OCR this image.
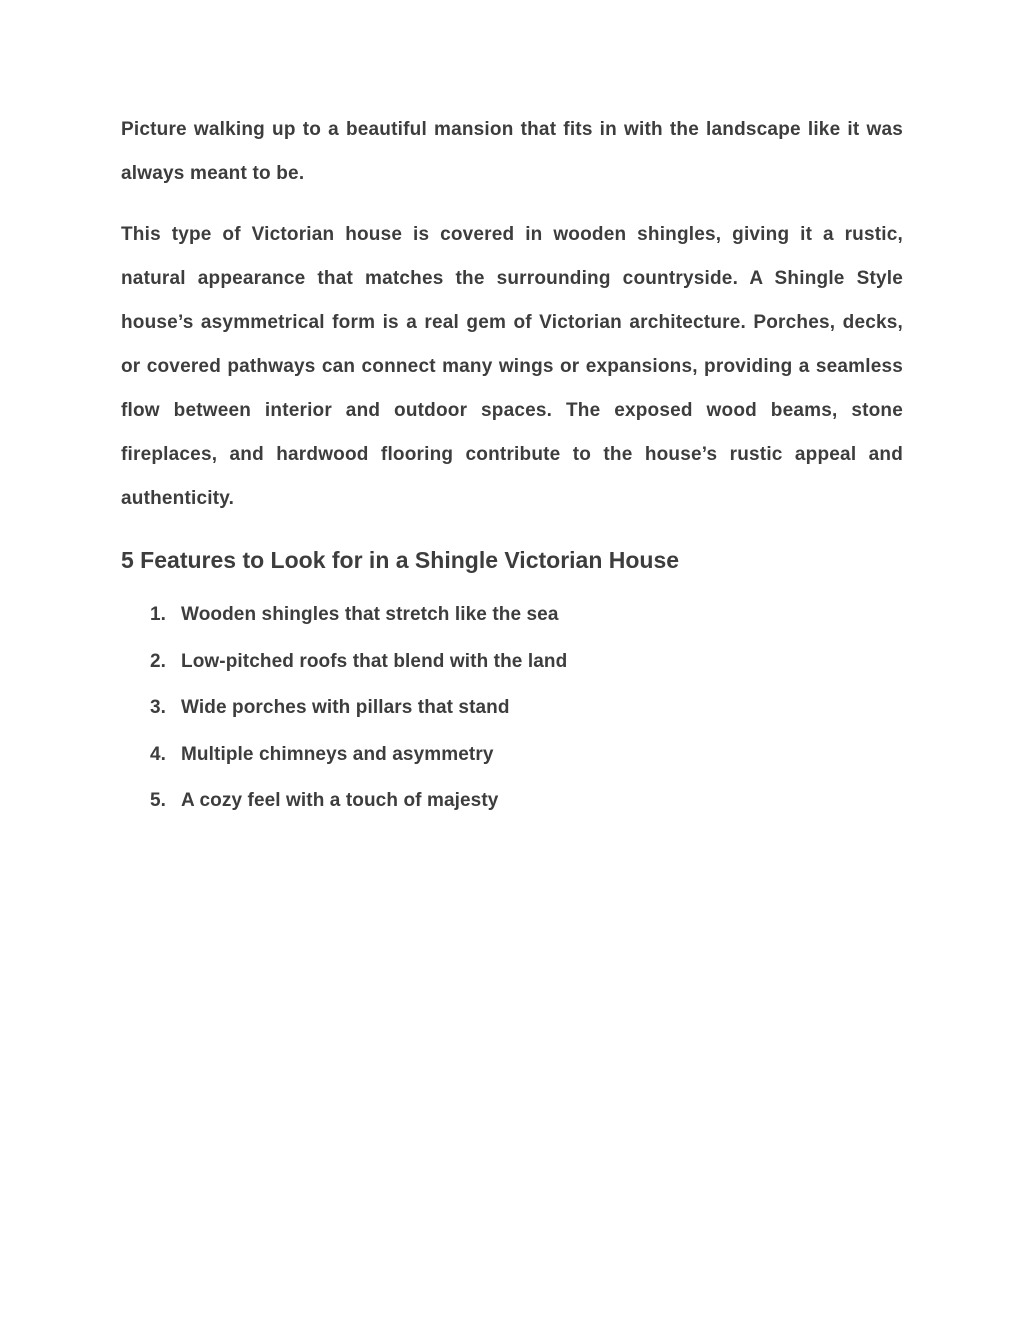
Picture walking up to a beautiful mansion that fits in with the landscape like it was always meant to be.

This type of Victorian house is covered in wooden shingles, giving it a rustic, natural appearance that matches the surrounding countryside. A Shingle Style house’s asymmetrical form is a real gem of Victorian architecture. Porches, decks, or covered pathways can connect many wings or expansions, providing a seamless flow between interior and outdoor spaces. The exposed wood beams, stone fireplaces, and hardwood flooring contribute to the house’s rustic appeal and authenticity.

5 Features to Look for in a Shingle Victorian House
1. Wooden shingles that stretch like the sea
2. Low-pitched roofs that blend with the land
3. Wide porches with pillars that stand
4. Multiple chimneys and asymmetry
5. A cozy feel with a touch of majesty
